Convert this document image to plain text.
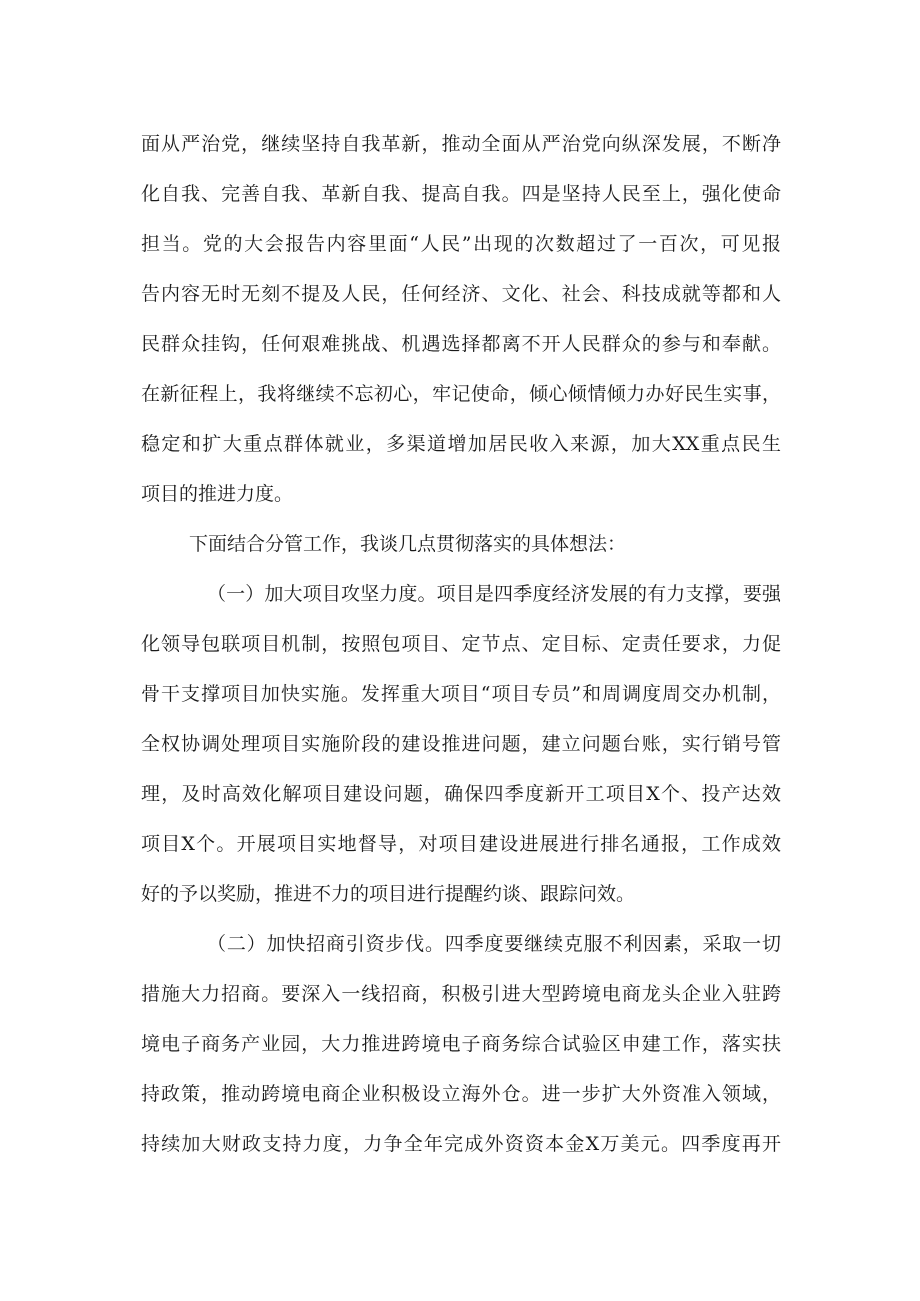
面从严治党，继续坚持自我革新，推动全面从严治党向纵深发展，不断净

化自我、完善自我、革新自我、提高自我。四是坚持人民至上，强化使命

担当。党的大会报告内容里面“人民”出现的次数超过了一百次，可见报

告内容无时无刻不提及人民，任何经济、文化、社会、科技成就等都和人

民群众挂钩，任何艰难挑战、机遇选择都离不开人民群众的参与和奉献。

在新征程上，我将继续不忘初心，牢记使命，倾心倾情倾力办好民生实事，

稳定和扩大重点群体就业，多渠道增加居民收入来源，加大XX重点民生

项目的推进力度。

下面结合分管工作，我谈几点贯彻落实的具体想法：

（一）加大项目攻坚力度。项目是四季度经济发展的有力支撑，要强

化领导包联项目机制，按照包项目、定节点、定目标、定责任要求，力促

骨干支撑项目加快实施。发挥重大项目“项目专员”和周调度周交办机制，

全权协调处理项目实施阶段的建设推进问题，建立问题台账，实行销号管

理，及时高效化解项目建设问题，确保四季度新开工项目X个、投产达效

项目X个。开展项目实地督导，对项目建设进展进行排名通报，工作成效

好的予以奖励，推进不力的项目进行提醒约谈、跟踪问效。

（二）加快招商引资步伐。四季度要继续克服不利因素，采取一切

措施大力招商。要深入一线招商，积极引进大型跨境电商龙头企业入驻跨

境电子商务产业园，大力推进跨境电子商务综合试验区申建工作，落实扶

持政策，推动跨境电商企业积极设立海外仓。进一步扩大外资准入领域，

持续加大财政支持力度，力争全年完成外资资本金X万美元。四季度再开
